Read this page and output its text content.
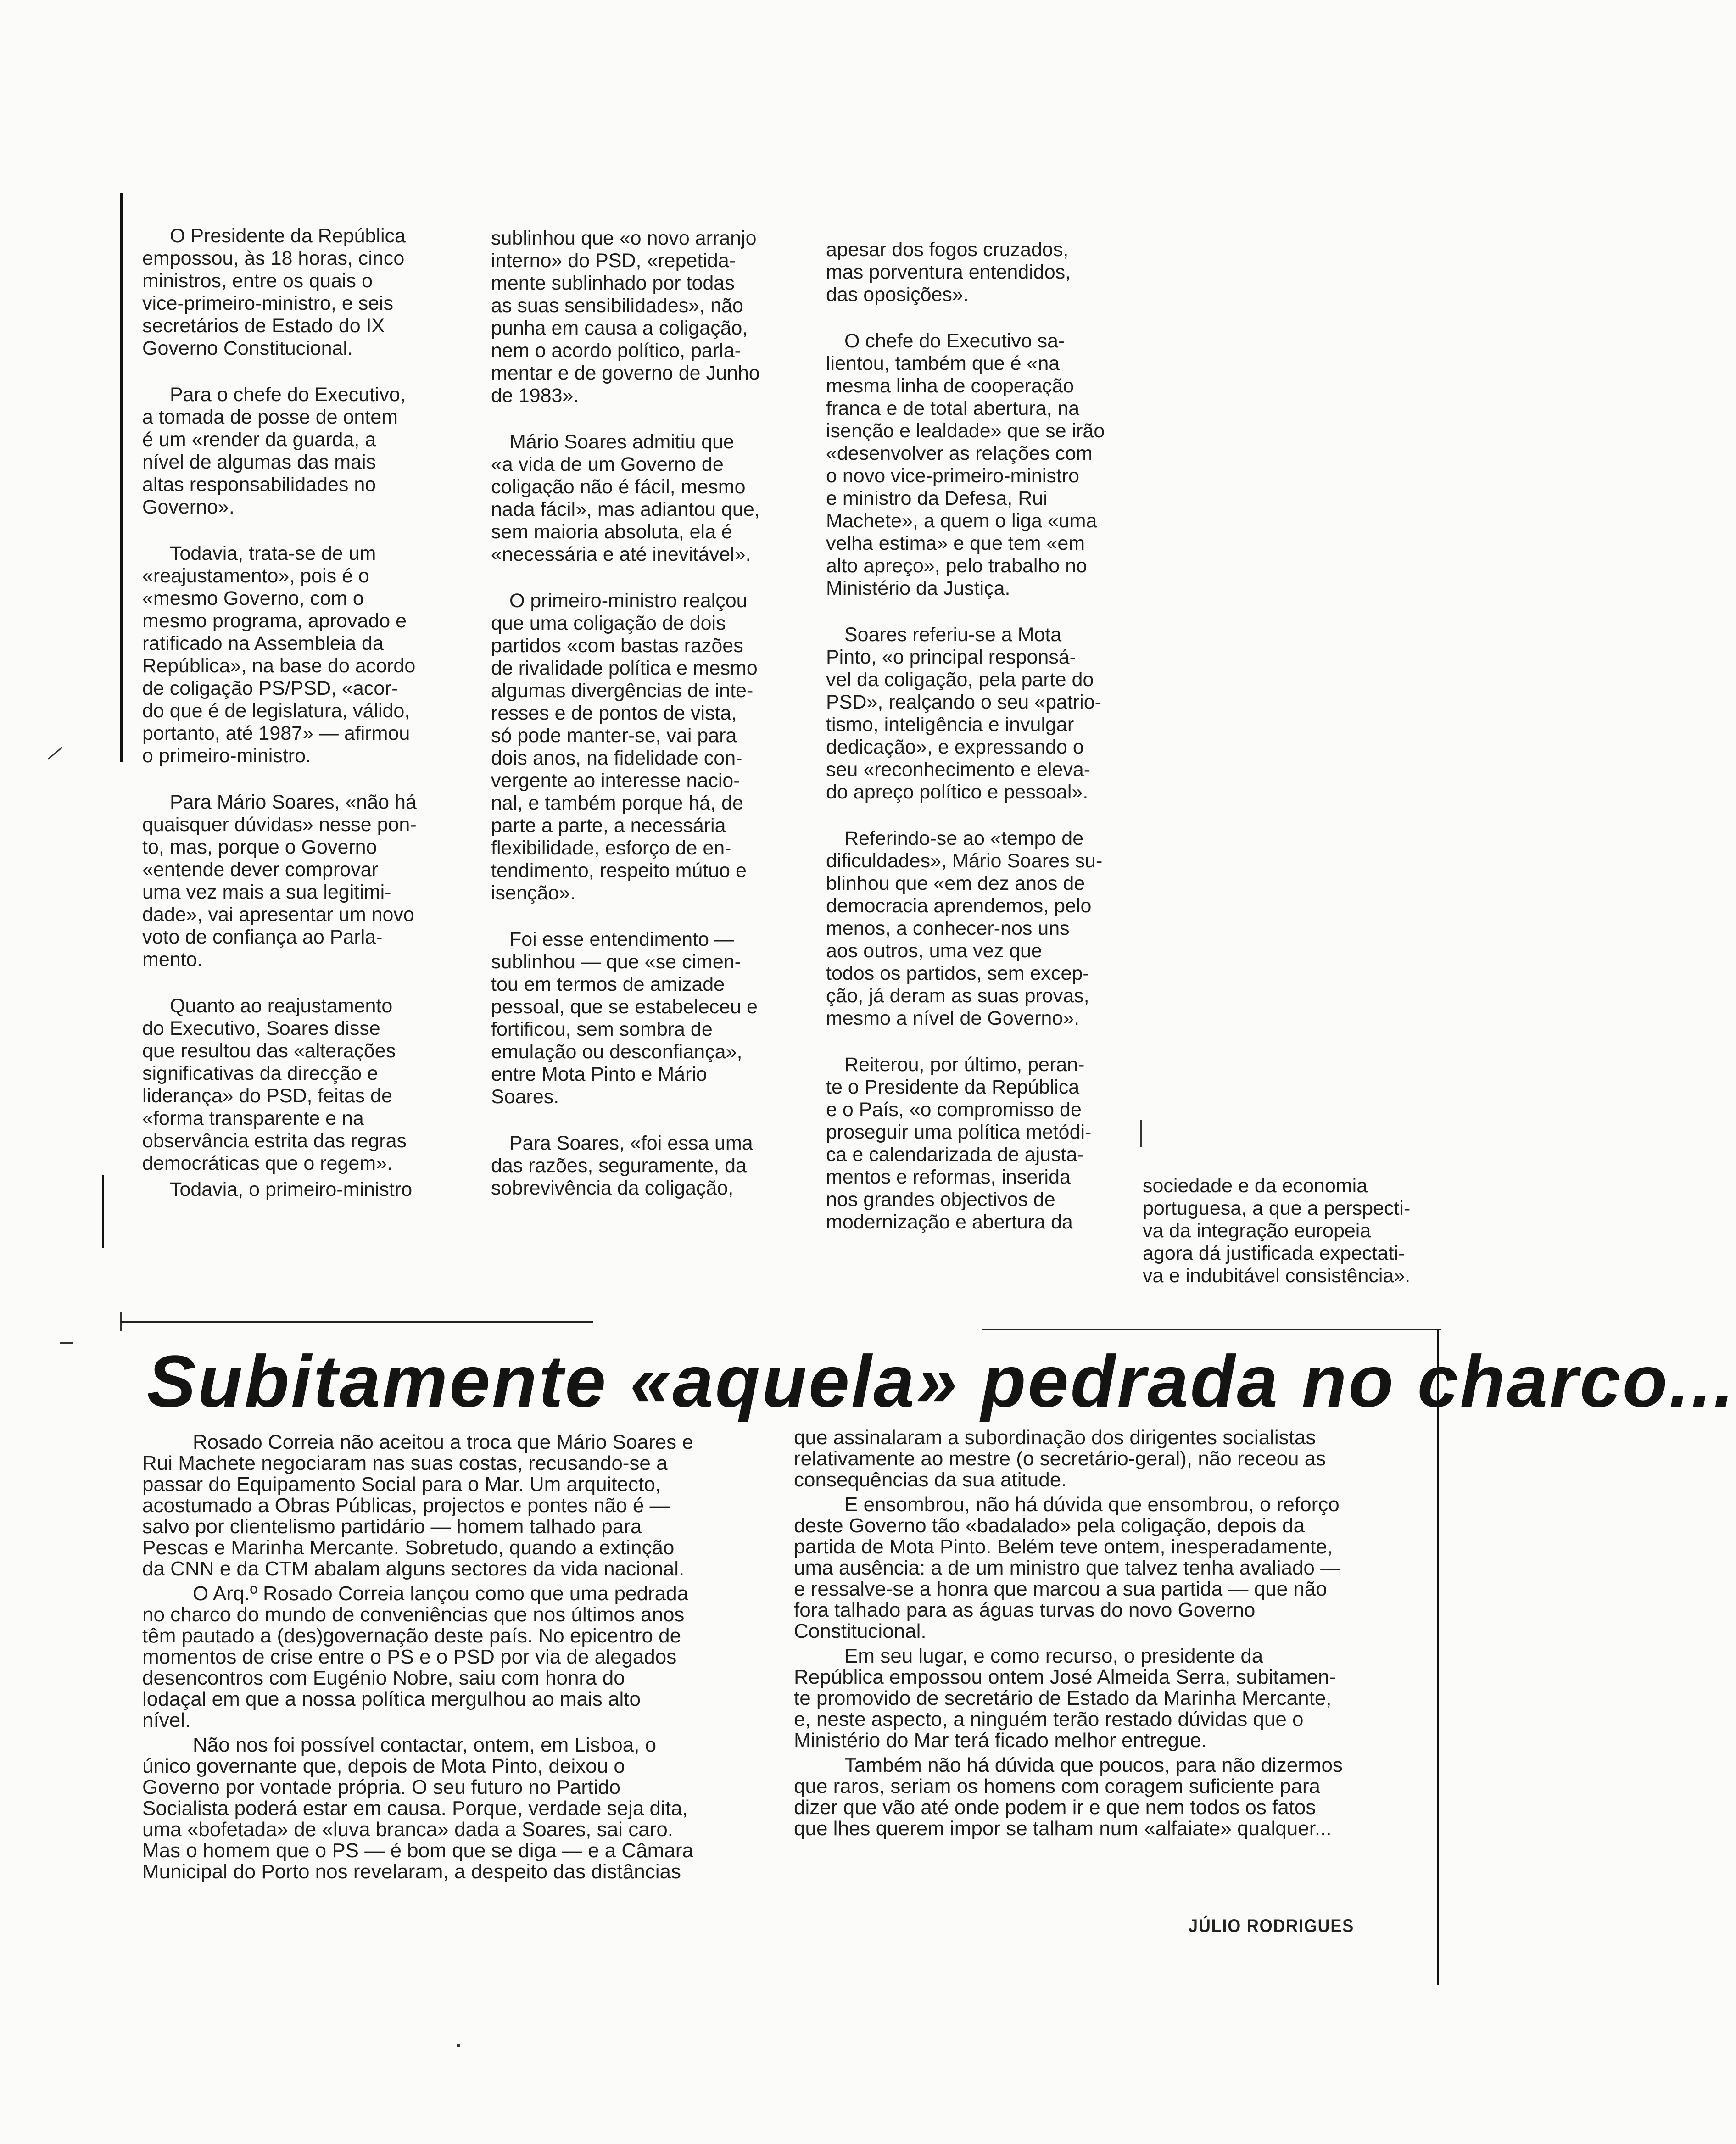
O Presidente da República
empossou, às 18 horas, cinco
ministros, entre os quais o
vice-primeiro-ministro, e seis
secretários de Estado do IX
Governo Constitucional.

Para o chefe do Executivo,
a tomada de posse de ontem
é um «render da guarda, a
nível de algumas das mais
altas responsabilidades no
Governo».

Todavia, trata-se de um
«reajustamento», pois é o
«mesmo Governo, com o
mesmo programa, aprovado e
ratificado na Assembleia da
República», na base do acordo
de coligação PS/PSD, «acor-
do que é de legislatura, válido,
portanto, até 1987» — afirmou
o primeiro-ministro.

Para Mário Soares, «não há
quaisquer dúvidas» nesse pon-
to, mas, porque o Governo
«entende dever comprovar
uma vez mais a sua legitimi-
dade», vai apresentar um novo
voto de confiança ao Parla-
mento.

Quanto ao reajustamento
do Executivo, Soares disse
que resultou das «alterações
significativas da direcção e
liderança» do PSD, feitas de
«forma transparente e na
observância estrita das regras
democráticas que o regem».

Todavia, o primeiro-ministro

sublinhou que «o novo arranjo
interno» do PSD, «repetida-
mente sublinhado por todas
as suas sensibilidades», não
punha em causa a coligação,
nem o acordo político, parla-
mentar e de governo de Junho
de 1983».

Mário Soares admitiu que
«a vida de um Governo de
coligação não é fácil, mesmo
nada fácil», mas adiantou que,
sem maioria absoluta, ela é
«necessária e até inevitável».

O primeiro-ministro realçou
que uma coligação de dois
partidos «com bastas razões
de rivalidade política e mesmo
algumas divergências de inte-
resses e de pontos de vista,
só pode manter-se, vai para
dois anos, na fidelidade con-
vergente ao interesse nacio-
nal, e também porque há, de
parte a parte, a necessária
flexibilidade, esforço de en-
tendimento, respeito mútuo e
isenção».

Foi esse entendimento —
sublinhou — que «se cimen-
tou em termos de amizade
pessoal, que se estabeleceu e
fortificou, sem sombra de
emulação ou desconfiança»,
entre Mota Pinto e Mário
Soares.

Para Soares, «foi essa uma
das razões, seguramente, da
sobrevivência da coligação,

apesar dos fogos cruzados,
mas porventura entendidos,
das oposições».

O chefe do Executivo sa-
lientou, também que é «na
mesma linha de cooperação
franca e de total abertura, na
isenção e lealdade» que se irão
«desenvolver as relações com
o novo vice-primeiro-ministro
e ministro da Defesa, Rui
Machete», a quem o liga «uma
velha estima» e que tem «em
alto apreço», pelo trabalho no
Ministério da Justiça.

Soares referiu-se a Mota
Pinto, «o principal responsá-
vel da coligação, pela parte do
PSD», realçando o seu «patrio-
tismo, inteligência e invulgar
dedicação», e expressando o
seu «reconhecimento e eleva-
do apreço político e pessoal».

Referindo-se ao «tempo de
dificuldades», Mário Soares su-
blinhou que «em dez anos de
democracia aprendemos, pelo
menos, a conhecer-nos uns
aos outros, uma vez que
todos os partidos, sem excep-
ção, já deram as suas provas,
mesmo a nível de Governo».

Reiterou, por último, peran-
te o Presidente da República
e o País, «o compromisso de
proseguir uma política metódi-
ca e calendarizada de ajusta-
mentos e reformas, inserida
nos grandes objectivos de
modernização e abertura da

sociedade e da economia
portuguesa, a que a perspecti-
va da integração europeia
agora dá justificada expectati-
va e indubitável consistência».

Subitamente «aquela» pedrada no charco...

Rosado Correia não aceitou a troca que Mário Soares e
Rui Machete negociaram nas suas costas, recusando-se a
passar do Equipamento Social para o Mar. Um arquitecto,
acostumado a Obras Públicas, projectos e pontes não é —
salvo por clientelismo partidário — homem talhado para
Pescas e Marinha Mercante. Sobretudo, quando a extinção
da CNN e da CTM abalam alguns sectores da vida nacional.

O Arq.º Rosado Correia lançou como que uma pedrada
no charco do mundo de conveniências que nos últimos anos
têm pautado a (des)governação deste país. No epicentro de
momentos de crise entre o PS e o PSD por via de alegados
desencontros com Eugénio Nobre, saiu com honra do
lodaçal em que a nossa política mergulhou ao mais alto
nível.

Não nos foi possível contactar, ontem, em Lisboa, o
único governante que, depois de Mota Pinto, deixou o
Governo por vontade própria. O seu futuro no Partido
Socialista poderá estar em causa. Porque, verdade seja dita,
uma «bofetada» de «luva branca» dada a Soares, sai caro.
Mas o homem que o PS — é bom que se diga — e a Câmara
Municipal do Porto nos revelaram, a despeito das distâncias

que assinalaram a subordinação dos dirigentes socialistas
relativamente ao mestre (o secretário-geral), não receou as
consequências da sua atitude.

E ensombrou, não há dúvida que ensombrou, o reforço
deste Governo tão «badalado» pela coligação, depois da
partida de Mota Pinto. Belém teve ontem, inesperadamente,
uma ausência: a de um ministro que talvez tenha avaliado —
e ressalve-se a honra que marcou a sua partida — que não
fora talhado para as águas turvas do novo Governo
Constitucional.

Em seu lugar, e como recurso, o presidente da
República empossou ontem José Almeida Serra, subitamen-
te promovido de secretário de Estado da Marinha Mercante,
e, neste aspecto, a ninguém terão restado dúvidas que o
Ministério do Mar terá ficado melhor entregue.

Também não há dúvida que poucos, para não dizermos
que raros, seriam os homens com coragem suficiente para
dizer que vão até onde podem ir e que nem todos os fatos
que lhes querem impor se talham num «alfaiate» qualquer...

JÚLIO RODRIGUES
